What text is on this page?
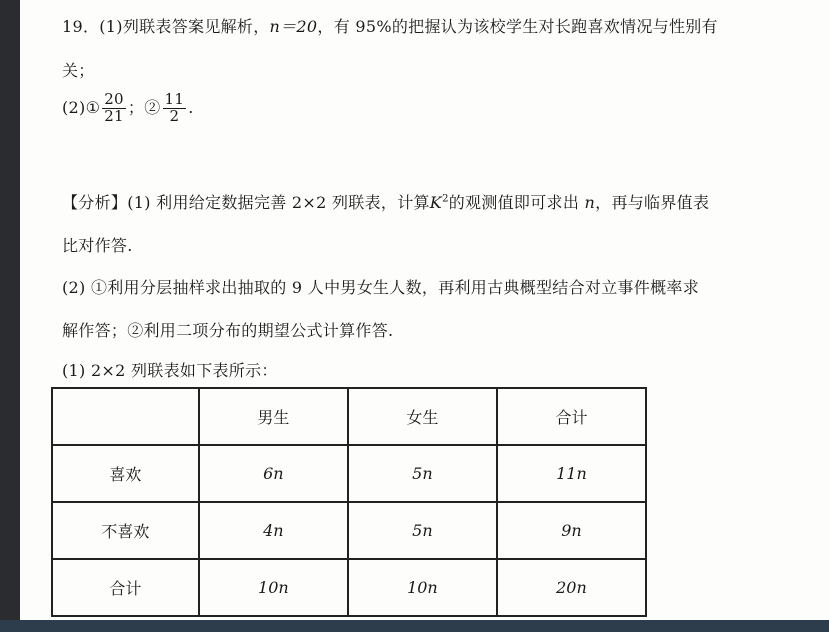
19．(1)列联表答案见解析，n＝20，有 95%的把握认为该校学生对长跑喜欢情况与性别有
关；
(2)① $\frac{20}{21}$ ；② $\frac{11}{2}$ .
【分析】(1) 利用给定数据完善 2×2 列联表，计算$K^2$的观测值即可求出 n，再与临界值表
比对作答.
(2) ①利用分层抽样求出抽取的 9 人中男女生人数，再利用古典概型结合对立事件概率求
解作答；②利用二项分布的期望公式计算作答.
(1) 2×2 列联表如下表所示：
	男生	女生	合计
喜欢	6n	5n	11n
不喜欢	4n	5n	9n
合计	10n	10n	20n
